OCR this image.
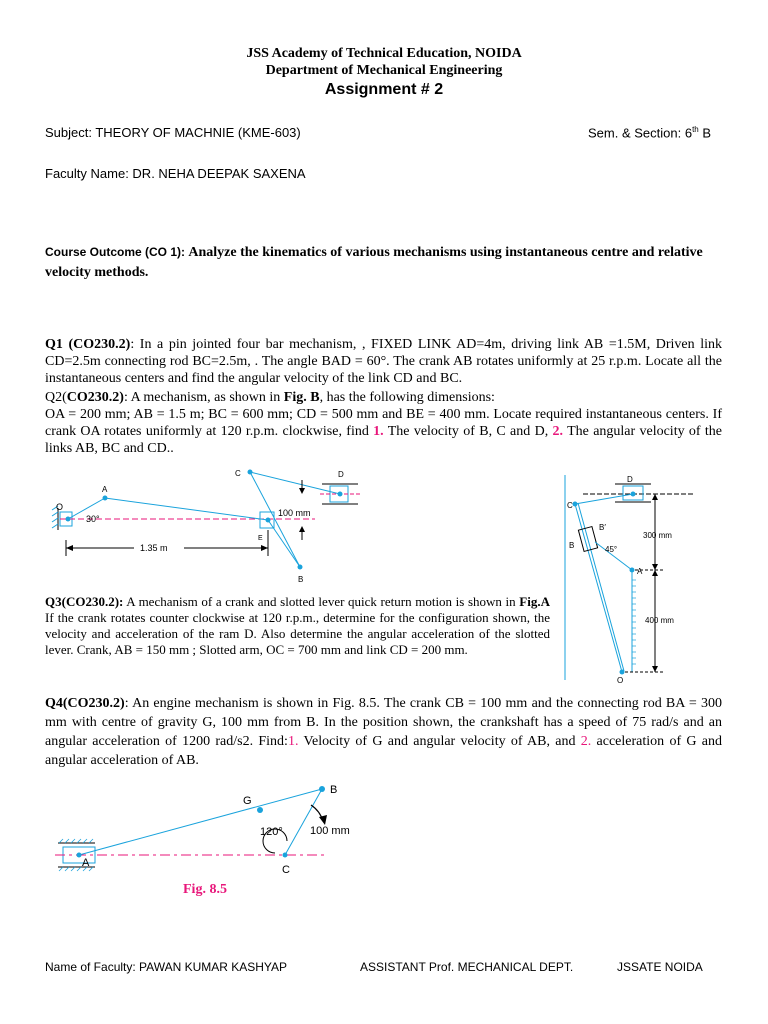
JSS Academy of Technical Education, NOIDA
Department of Mechanical Engineering
Assignment # 2
Subject: THEORY OF MACHNIE (KME-603)	Sem. & Section: 6th B
Faculty Name: DR. NEHA DEEPAK SAXENA
Course Outcome (CO 1): Analyze the kinematics of various mechanisms using instantaneous centre and relative velocity methods.
Q1 (CO230.2): In a pin jointed four bar mechanism, , FIXED LINK AD=4m, driving link AB =1.5M, Driven link CD=2.5m connecting rod BC=2.5m, . The angle BAD = 60°. The crank AB rotates uniformly at 25 r.p.m. Locate all the instantaneous centers and find the angular velocity of the link CD and BC.
Q2(CO230.2): A mechanism, as shown in Fig. B, has the following dimensions:
OA = 200 mm; AB = 1.5 m; BC = 600 mm; CD = 500 mm and BE = 400 mm. Locate required instantaneous centers. If crank OA rotates uniformly at 120 r.p.m. clockwise, find 1. The velocity of B, C and D, 2. The angular velocity of the links AB, BC and CD..
O
A
B
C	D
E
30°
100 mm
1.35 m
Q3(CO230.2): A mechanism of a crank and slotted lever quick return motion is shown in Fig.A If the crank rotates counter clockwise at 120 r.p.m., determine for the configuration shown, the velocity and acceleration of the ram D. Also determine the angular acceleration of the slotted lever. Crank, AB = 150 mm ; Slotted arm, OC = 700 mm and link CD = 200 mm.
C
D
B
B′
45°
A
O
300 mm
400 mm
Q4(CO230.2): An engine mechanism is shown in Fig. 8.5. The crank CB = 100 mm and the connecting rod BA = 300 mm with centre of gravity G, 100 mm from B. In the position shown, the crankshaft has a speed of 75 rad/s and an angular acceleration of 1200 rad/s2. Find:1. Velocity of G and angular velocity of AB, and 2. acceleration of G and angular acceleration of AB.
A
B
C
G
120° 100 mm
Fig. 8.5
Name of Faculty: PAWAN KUMAR KASHYAP	ASSISTANT Prof. MECHANICAL DEPT.	JSSATE NOIDA
